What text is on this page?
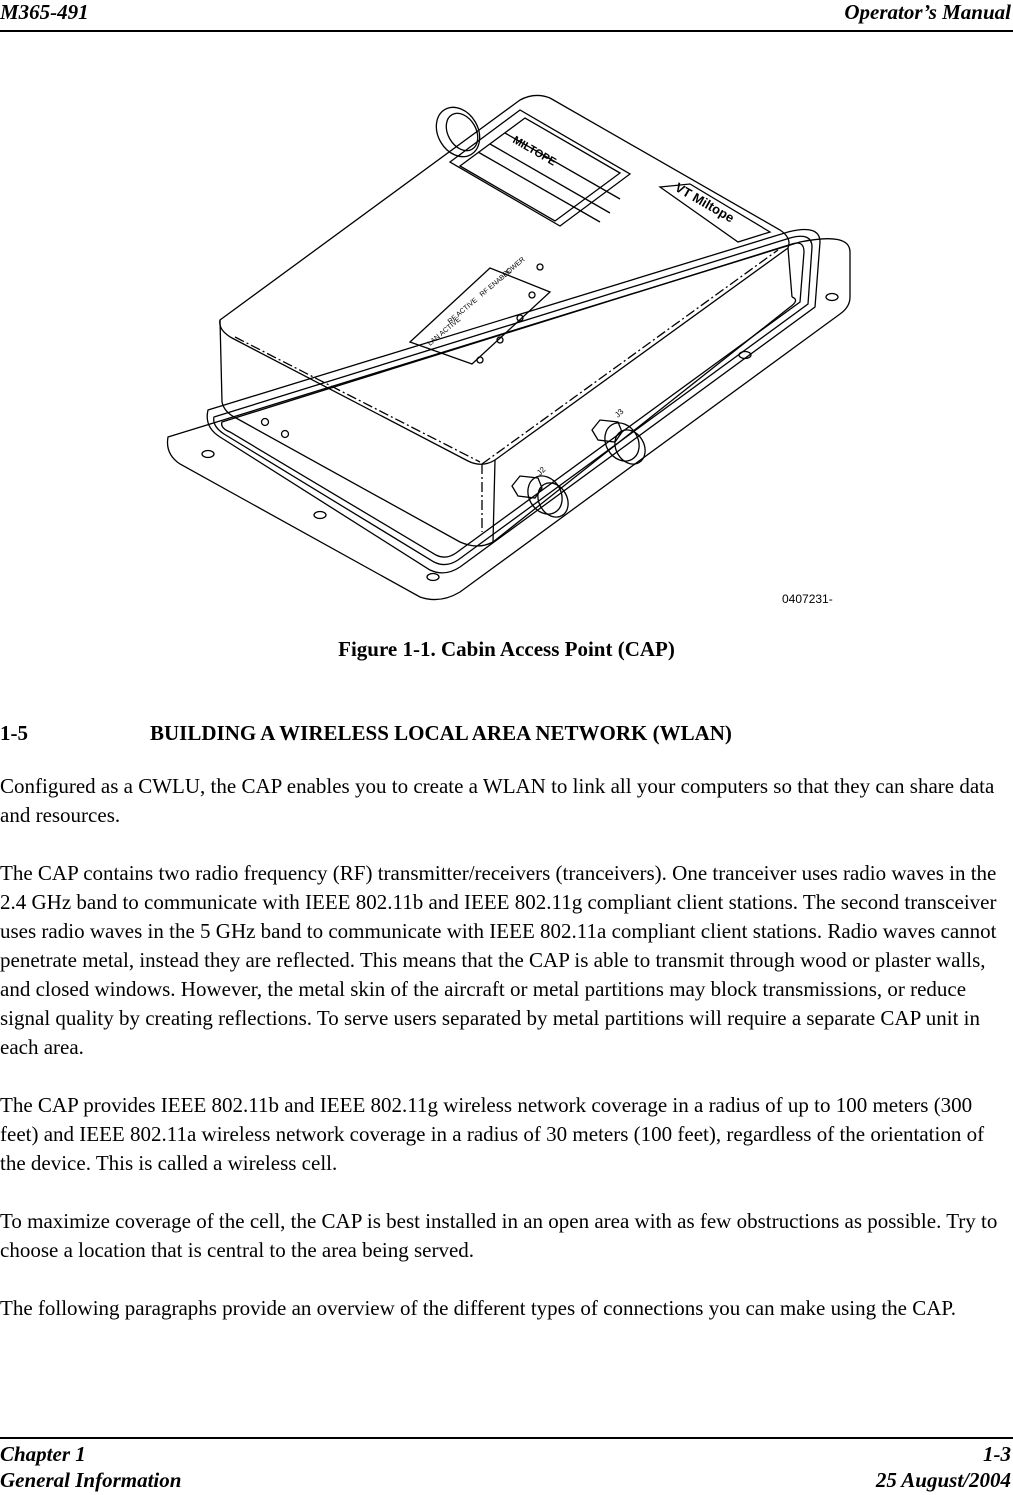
M365-491	Operator’s Manual
MILTOPE
VT Miltope
POWER
RF ENABLE
RF ACTIVE
LAN ACTIVE
J3
J2
0407231-
Figure 1-1. Cabin Access Point (CAP)
1-5	BUILDING A WIRELESS LOCAL AREA NETWORK (WLAN)

Configured as a CWLU, the CAP enables you to create a WLAN to link all your computers so that they can share data and resources.

The CAP contains two radio frequency (RF) transmitter/receivers (tranceivers). One tranceiver uses radio waves in the 2.4 GHz band to communicate with IEEE 802.11b and IEEE 802.11g compliant client stations. The second transceiver uses radio waves in the 5 GHz band to communicate with IEEE 802.11a compliant client stations. Radio waves cannot penetrate metal, instead they are reflected. This means that the CAP is able to transmit through wood or plaster walls, and closed windows. However, the metal skin of the aircraft or metal partitions may block transmissions, or reduce signal quality by creating reflections. To serve users separated by metal partitions will require a separate CAP unit in each area.

The CAP provides IEEE 802.11b and IEEE 802.11g wireless network coverage in a radius of up to 100 meters (300 feet) and IEEE 802.11a wireless network coverage in a radius of 30 meters (100 feet), regardless of the orientation of the device. This is called a wireless cell.

To maximize coverage of the cell, the CAP is best installed in an open area with as few obstructions as possible. Try to choose a location that is central to the area being served.

The following paragraphs provide an overview of the different types of connections you can make using the CAP.

Chapter 1	1-3
General Information	25 August/2004
